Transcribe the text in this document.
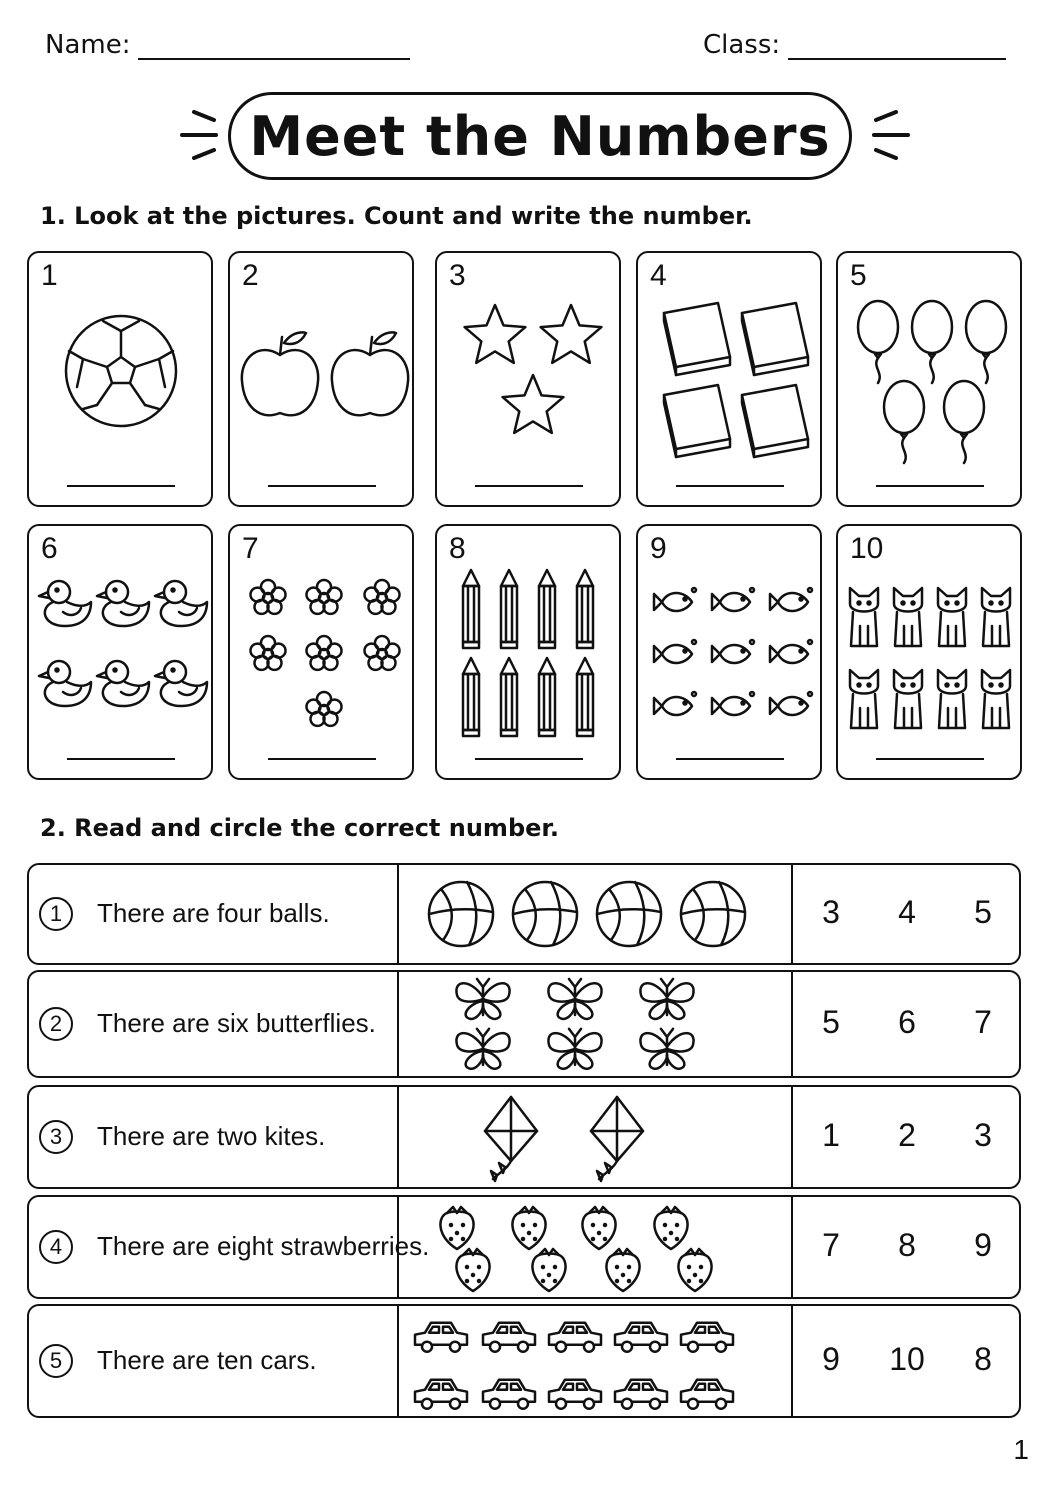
Name:	Class:
Meet the Numbers
1. Look at the pictures. Count and write the number.
1	2	3	4	5
6	7	8	9	10
2. Read and circle the correct number.
1	There are four balls.	3	4	5
2	There are six butterflies.	5	6	7
3	There are two kites.	1	2	3
4	There are eight strawberries.	7	8	9
5	There are ten cars.	9	10	8
1
